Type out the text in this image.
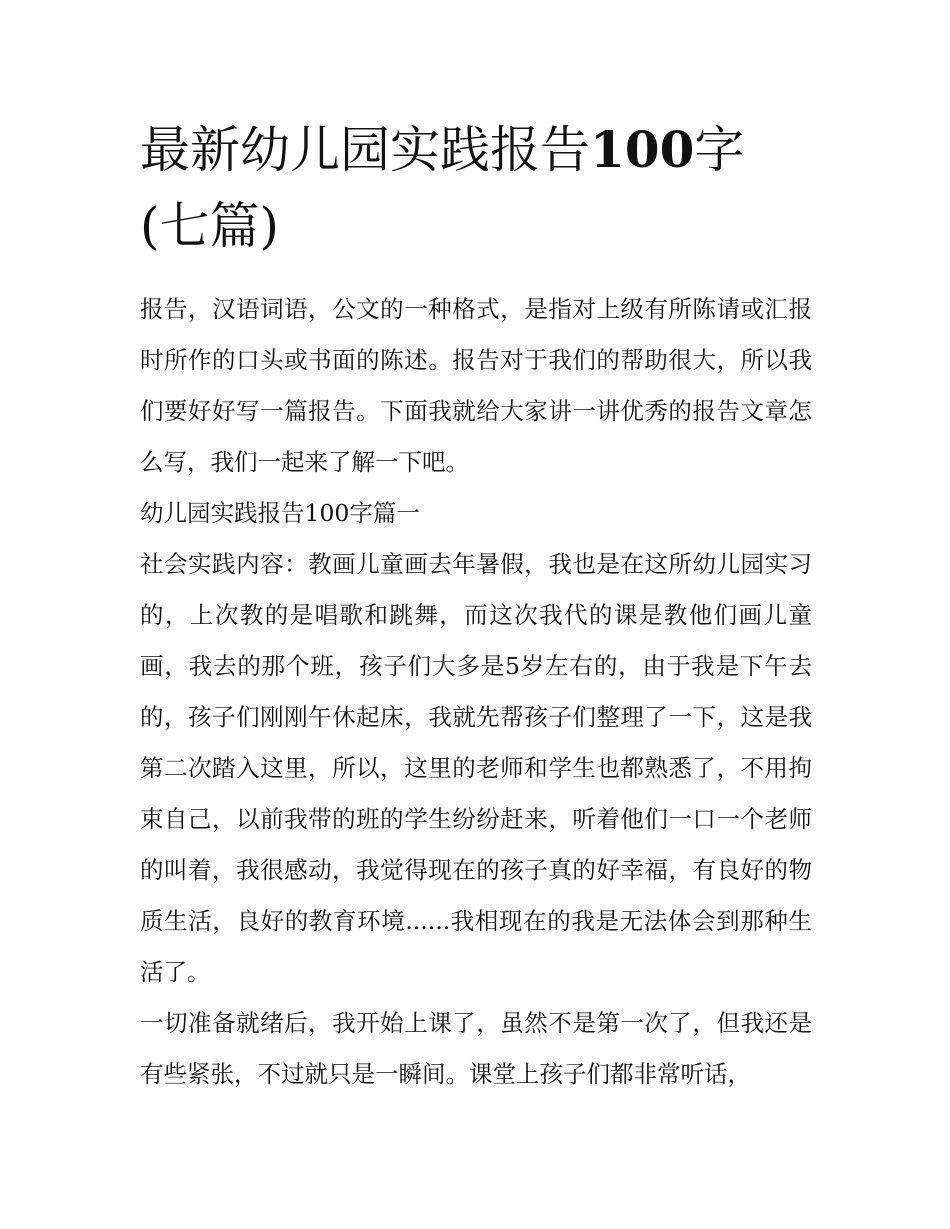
最新幼儿园实践报告100字(七篇)

报告，汉语词语，公文的一种格式，是指对上级有所陈请或汇报时所作的口头或书面的陈述。报告对于我们的帮助很大，所以我们要好好写一篇报告。下面我就给大家讲一讲优秀的报告文章怎么写，我们一起来了解一下吧。

幼儿园实践报告100字篇一

社会实践内容：教画儿童画去年暑假，我也是在这所幼儿园实习的，上次教的是唱歌和跳舞，而这次我代的课是教他们画儿童画，我去的那个班，孩子们大多是5岁左右的，由于我是下午去的，孩子们刚刚午休起床，我就先帮孩子们整理了一下，这是我第二次踏入这里，所以，这里的老师和学生也都熟悉了，不用拘束自己，以前我带的班的学生纷纷赶来，听着他们一口一个老师的叫着，我很感动，我觉得现在的孩子真的好幸福，有良好的物质生活，良好的教育环境......我相现在的我是无法体会到那种生活了。

一切准备就绪后，我开始上课了，虽然不是第一次了，但我还是有些紧张，不过就只是一瞬间。课堂上孩子们都非常听话，
